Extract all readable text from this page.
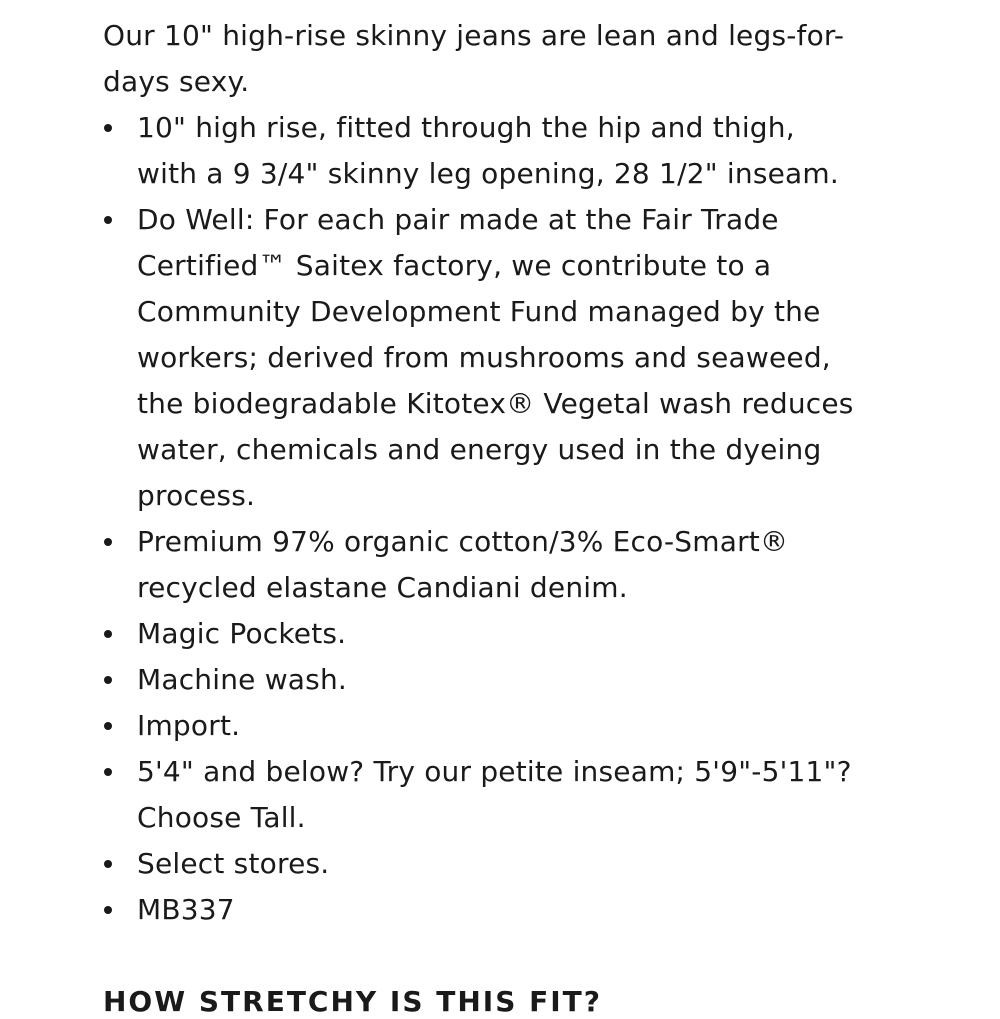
Our 10" high-rise skinny jeans are lean and legs-for-days sexy.

10" high rise, fitted through the hip and thigh, with a 9 3/4" skinny leg opening, 28 1/2" inseam.
Do Well: For each pair made at the Fair Trade Certified™ Saitex factory, we contribute to a Community Development Fund managed by the workers; derived from mushrooms and seaweed, the biodegradable Kitotex® Vegetal wash reduces water, chemicals and energy used in the dyeing process.
Premium 97% organic cotton/3% Eco-Smart® recycled elastane Candiani denim.
Magic Pockets.
Machine wash.
Import.
5'4" and below? Try our petite inseam; 5'9"-5'11"? Choose Tall.
Select stores.
MB337
HOW STRETCHY IS THIS FIT?
